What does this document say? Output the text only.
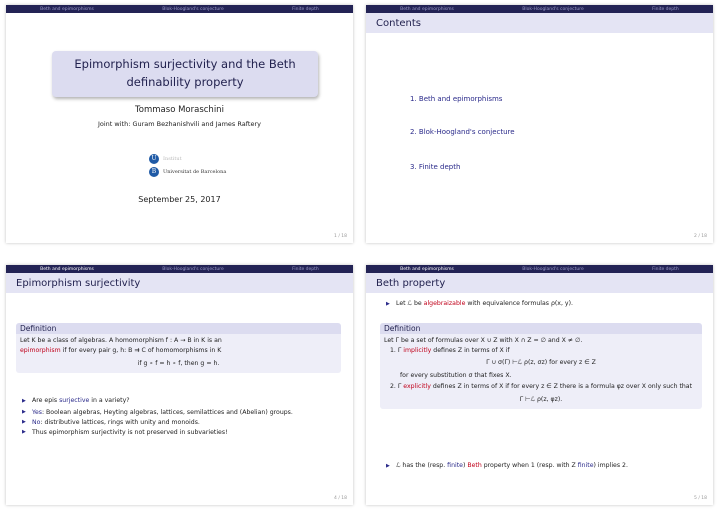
Beth and epimorphisms	Blok-Hoogland's conjecture	Finite depth
Epimorphism surjectivity and the Beth definability property
Tommaso Moraschini
Joint with: Guram Bezhanishvili and James Raftery
U	Institut
B	Universitat de Barcelona
September 25, 2017
1 / 18
Beth and epimorphisms	Blok-Hoogland's conjecture	Finite depth
Contents
1. Beth and epimorphisms
2. Blok-Hoogland's conjecture
3. Finite depth
2 / 18
Beth and epimorphisms	Blok-Hoogland's conjecture	Finite depth
Epimorphism surjectivity
Definition
Let K be a class of algebras. A homomorphism f : A → B in K is an
epimorphism if for every pair g, h: B ⇉ C of homomorphisms in K
if g ∘ f = h ∘ f, then g = h.
▶ Are epis surjective in a variety?
▶ Yes: Boolean algebras, Heyting algebras, lattices, semilattices and (Abelian) groups.
▶ No: distributive lattices, rings with unity and monoids.
▶ Thus epimorphism surjectivity is not preserved in subvarieties!
4 / 18
Beth and epimorphisms	Blok-Hoogland's conjecture	Finite depth
Beth property
▶ Let ℒ be algebraizable with equivalence formulas ρ(x, y).
Definition
Let Γ be a set of formulas over X ∪ Z with X ∩ Z = ∅ and X ≠ ∅.
1. Γ implicitly defines Z in terms of X if
Γ ∪ σ(Γ) ⊢ℒ ρ(z, σz) for every z ∈ Z
for every substitution σ that fixes X.
2. Γ explicitly defines Z in terms of X if for every z ∈ Z there is a formula φz over X only such that
Γ ⊢ℒ ρ(z, φz).
▶ ℒ has the (resp. finite) Beth property when 1 (resp. with Z finite) implies 2.
5 / 18
